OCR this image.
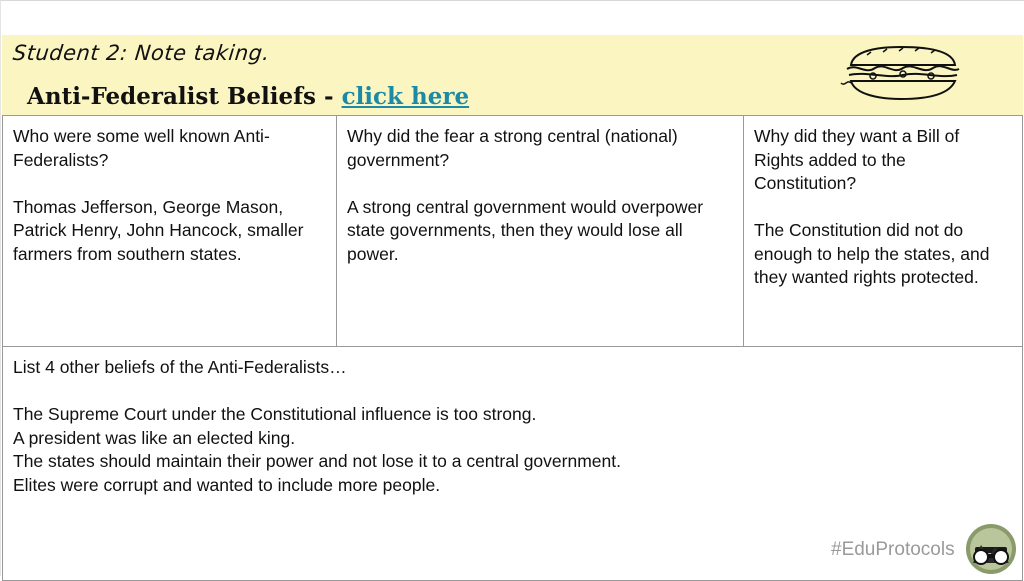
Student 2: Note taking.
Anti-Federalist Beliefs - click here
Who were some well known Anti-Federalists?
Thomas Jefferson, George Mason, Patrick Henry, John Hancock, smaller farmers from southern states.
Why did the fear a strong central (national) government?
A strong central government would overpower state governments, then they would lose all power.
Why did they want a Bill of Rights added to the Constitution?
The Constitution did not do enough to help the states, and they wanted rights protected.
List 4 other beliefs of the Anti-Federalists…
The Supreme Court under the Constitutional influence is too strong.
A president was like an elected king.
The states should maintain their power and not lose it to a central government.
Elites were corrupt and wanted to include more people.
#EduProtocols
